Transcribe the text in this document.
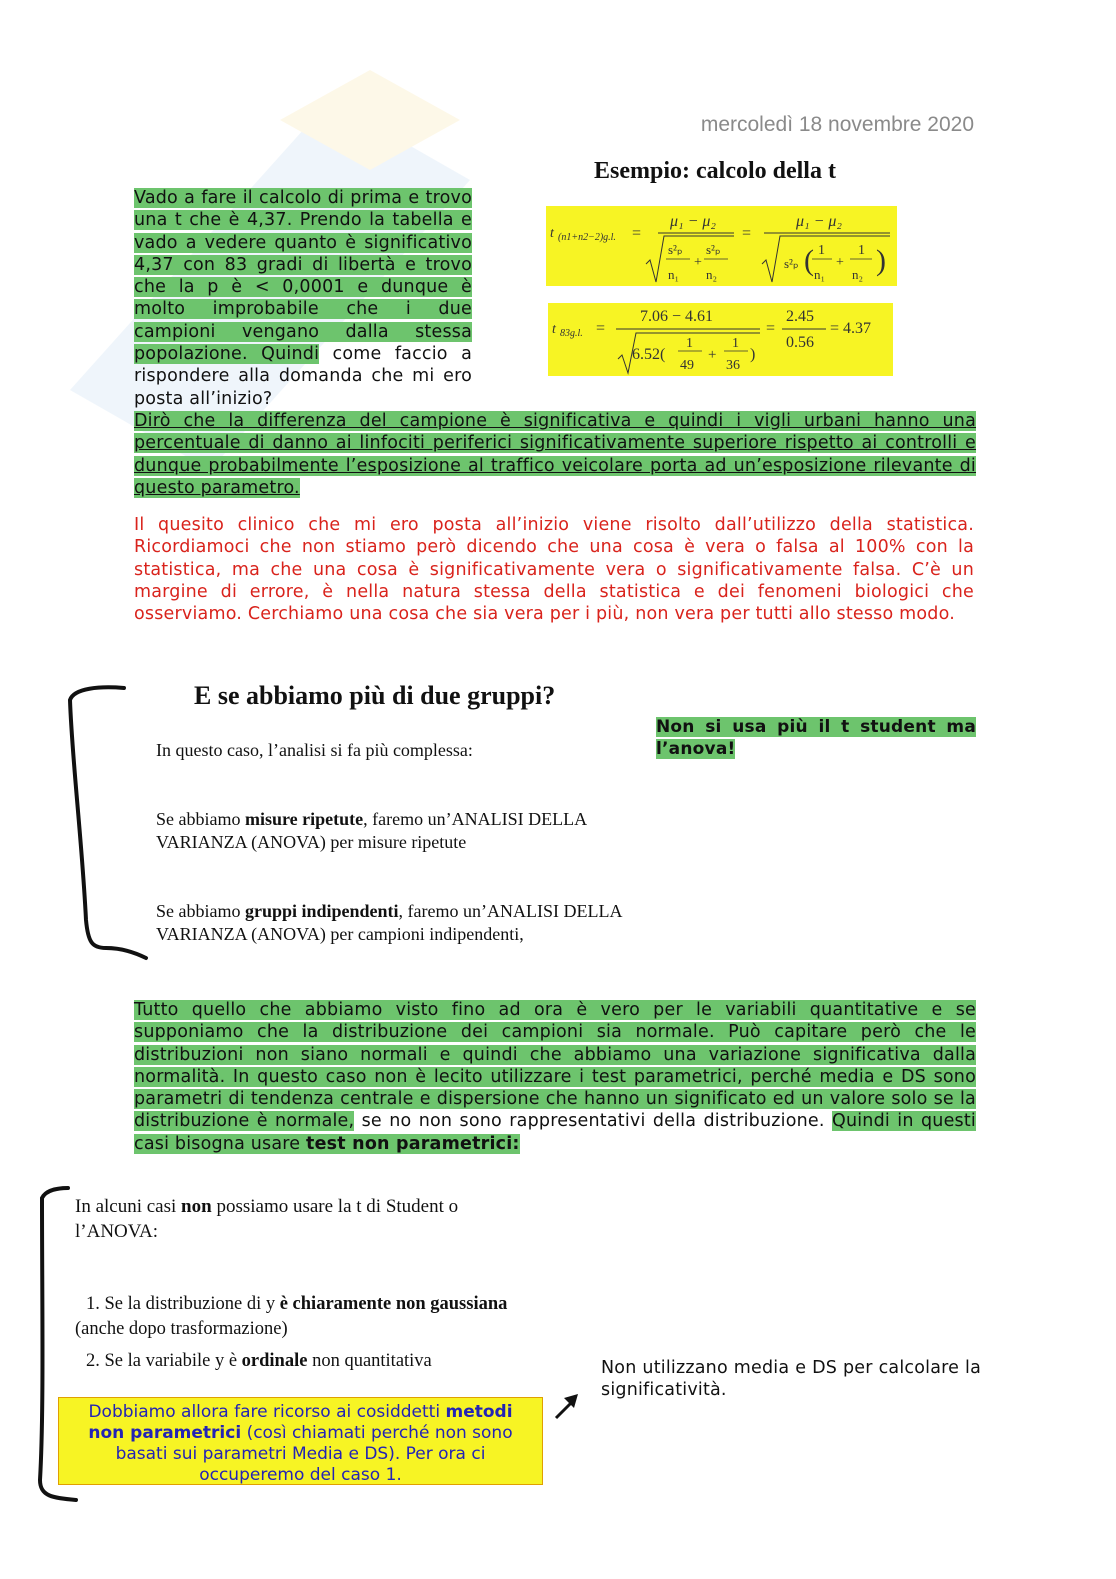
mercoledì 18 novembre 2020
Esempio: calcolo della t
Vado a fare il calcolo di prima e trovo una t che è 4,37. Prendo la tabella e vado a vedere quanto è significativo 4,37 con 83 gradi di libertà e trovo che la p è < 0,0001 e dunque è molto improbabile che i due campioni vengano dalla stessa popolazione. Quindi come faccio a rispondere alla domanda che mi ero posta all’inizio?
Dirò che la differenza del campione è significativa e quindi i vigli urbani hanno una percentuale di danno ai linfociti periferici significativamente superiore rispetto ai controlli e dunque probabilmente l’esposizione al traffico veicolare porta ad un’esposizione rilevante di questo parametro.
t (n1+n2−2)g.l. =
μ₁ − μ₂
s²ₚ
n₁
+
s²ₚ
n₂
=
μ₁ − μ₂
s²ₚ ( 1
n₁
+
1
n₂ )
t 83g.l. =
7.06 − 4.61
6.52(
1
49
+
1
36
)
=
2.45
0.56
= 4.37
Il quesito clinico che mi ero posta all’inizio viene risolto dall’utilizzo della statistica. Ricordiamoci che non stiamo però dicendo che una cosa è vera o falsa al 100% con la statistica, ma che una cosa è significativamente vera o significativamente falsa. C’è un margine di errore, è nella natura stessa della statistica e dei fenomeni biologici che osserviamo. Cerchiamo una cosa che sia vera per i più, non vera per tutti allo stesso modo.
E se abbiamo più di due gruppi?
In questo caso, l’analisi si fa più complessa:
Se abbiamo misure ripetute, faremo un’ANALISI DELLA VARIANZA (ANOVA) per misure ripetute
Se abbiamo gruppi indipendenti, faremo un’ANALISI DELLA VARIANZA (ANOVA) per campioni indipendenti,
Non si usa più il t student ma l’anova!
Tutto quello che abbiamo visto fino ad ora è vero per le variabili quantitative e se supponiamo che la distribuzione dei campioni sia normale. Può capitare però che le distribuzioni non siano normali e quindi che abbiamo una variazione significativa dalla normalità. In questo caso non è lecito utilizzare i test parametrici, perché media e DS sono parametri di tendenza centrale e dispersione che hanno un significato ed un valore solo se la distribuzione è normale, se no non sono rappresentativi della distribuzione. Quindi in questi casi bisogna usare test non parametrici:
In alcuni casi non possiamo usare la t di Student o l’ANOVA:
1. Se la distribuzione di y è chiaramente non gaussiana
(anche dopo trasformazione)
2. Se la variabile y è ordinale non quantitativa
Dobbiamo allora fare ricorso ai cosiddetti metodi non parametrici (così chiamati perché non sono basati sui parametri Media e DS). Per ora ci occuperemo del caso 1.
Non utilizzano media e DS per calcolare la significatività.
